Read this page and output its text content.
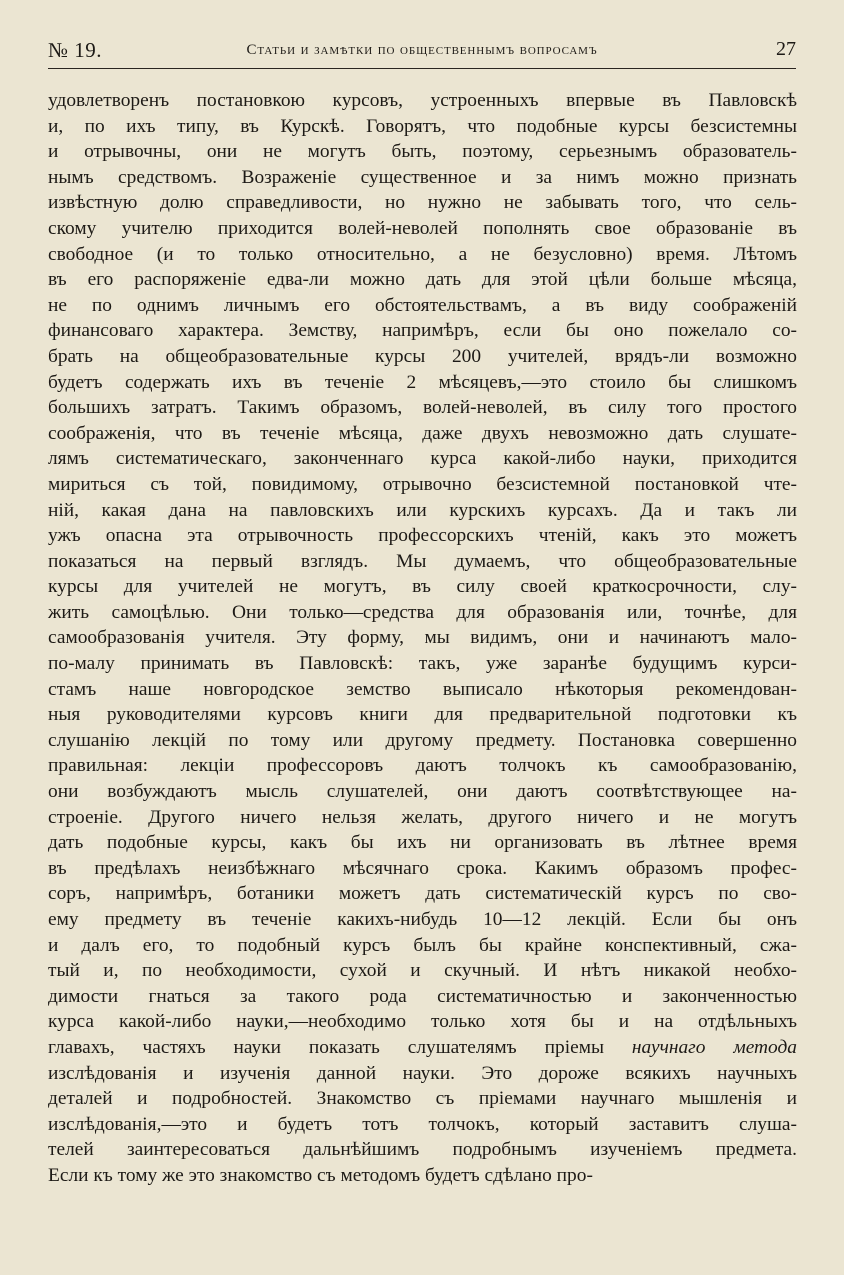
№ 19.	Статьи и замѣтки по общественнымъ вопросамъ	27
удовлетворенъ постановкою курсовъ, устроенныхъ впервые въ Павловскѣ
и, по ихъ типу, въ Курскѣ. Говорятъ, что подобные курсы безсистемны
и отрывочны, они не могутъ быть, поэтому, серьезнымъ образователь-
нымъ средствомъ. Возраженіе существенное и за нимъ можно признать
извѣстную долю справедливости, но нужно не забывать того, что сель-
скому учителю приходится волей-неволей пополнять свое образованіе въ
свободное (и то только относительно, а не безусловно) время. Лѣтомъ
въ его распоряженіе едва-ли можно дать для этой цѣли больше мѣсяца,
не по однимъ личнымъ его обстоятельствамъ, а въ виду соображеній
финансоваго характера. Земству, напримѣръ, если бы оно пожелало со-
брать на общеобразовательные курсы 200 учителей, врядъ-ли возможно
будетъ содержать ихъ въ теченіе 2 мѣсяцевъ,—это стоило бы слишкомъ
большихъ затратъ. Такимъ образомъ, волей-неволей, въ силу того простого
соображенія, что въ теченіе мѣсяца, даже двухъ невозможно дать слушате-
лямъ систематическаго, законченнаго курса какой-либо науки, приходится
мириться съ той, повидимому, отрывочно безсистемной постановкой чте-
ній, какая дана на павловскихъ или курскихъ курсахъ. Да и такъ ли
ужъ опасна эта отрывочность профессорскихъ чтеній, какъ это можетъ
показаться на первый взглядъ. Мы думаемъ, что общеобразовательные
курсы для учителей не могутъ, въ силу своей краткосрочности, слу-
жить самоцѣлью. Они только—средства для образованія или, точнѣе, для
самообразованія учителя. Эту форму, мы видимъ, они и начинаютъ мало-
по-малу принимать въ Павловскѣ: такъ, уже заранѣе будущимъ курси-
стамъ наше новгородское земство выписало нѣкоторыя рекомендован-
ныя руководителями курсовъ книги для предварительной подготовки къ
слушанію лекцій по тому или другому предмету. Постановка совершенно
правильная: лекціи профессоровъ даютъ толчокъ къ самообразованію,
они возбуждаютъ мысль слушателей, они даютъ соотвѣтствующее на-
строеніе. Другого ничего нельзя желать, другого ничего и не могутъ
дать подобные курсы, какъ бы ихъ ни организовать въ лѣтнее время
въ предѣлахъ неизбѣжнаго мѣсячнаго срока. Какимъ образомъ профес-
соръ, напримѣръ, ботаники можетъ дать систематическій курсъ по сво-
ему предмету въ теченіе какихъ-нибудь 10—12 лекцій. Если бы онъ
и далъ его, то подобный курсъ былъ бы крайне конспективный, сжа-
тый и, по необходимости, сухой и скучный. И нѣтъ никакой необхо-
димости гнаться за такого рода систематичностью и законченностью
курса какой-либо науки,—необходимо только хотя бы и на отдѣльныхъ
главахъ, частяхъ науки показать слушателямъ пріемы научнаго метода
изслѣдованія и изученія данной науки. Это дороже всякихъ научныхъ
деталей и подробностей. Знакомство съ пріемами научнаго мышленія и
изслѣдованія,—это и будетъ тотъ толчокъ, который заставитъ слуша-
телей заинтересоваться дальнѣйшимъ подробнымъ изученіемъ предмета.
Если къ тому же это знакомство съ методомъ будетъ сдѣлано про-
